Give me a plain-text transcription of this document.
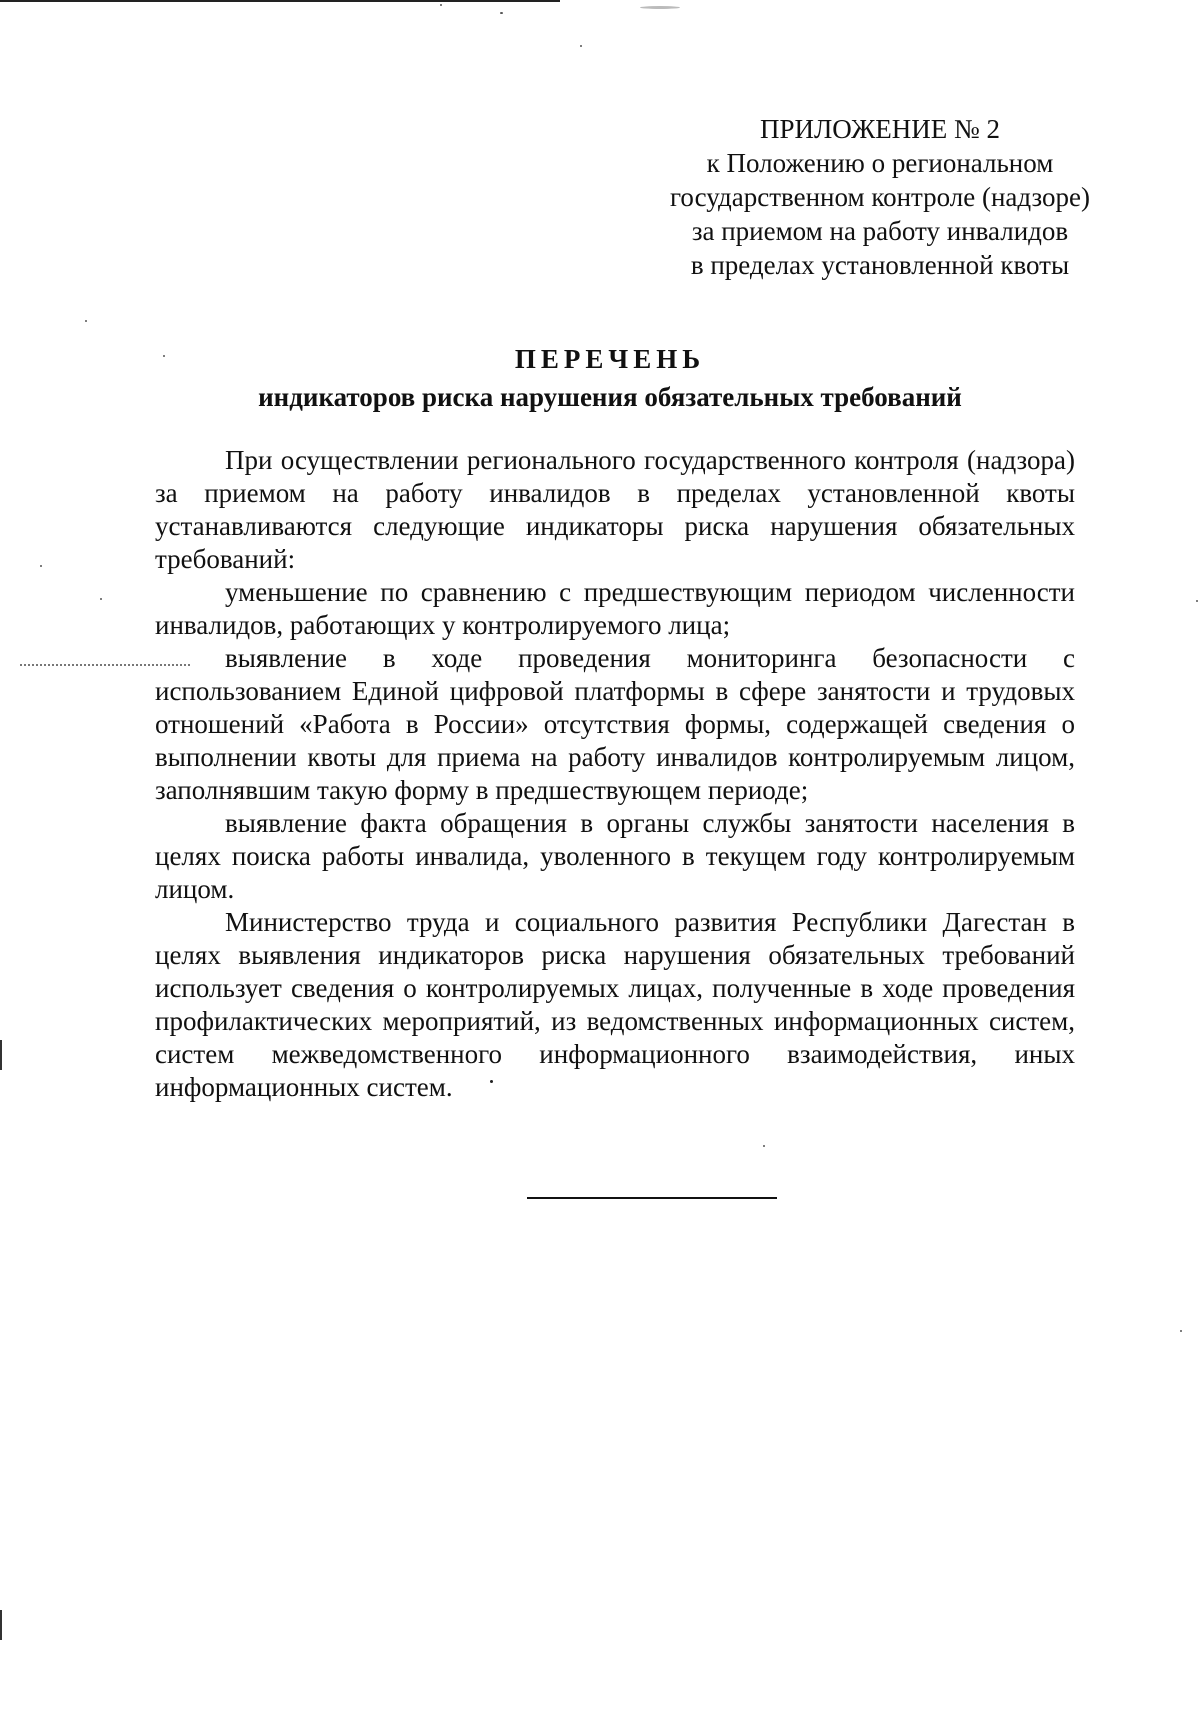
ПРИЛОЖЕНИЕ № 2
к Положению о региональном
государственном контроле (надзоре)
за приемом на работу инвалидов
в пределах установленной квоты
ПЕРЕЧЕНЬ
индикаторов риска нарушения обязательных требований

При осуществлении регионального государственного контроля (надзора) за приемом на работу инвалидов в пределах установленной квоты устанавливаются следующие индикаторы риска нарушения обязательных требований:

уменьшение по сравнению с предшествующим периодом численности инвалидов, работающих у контролируемого лица;

выявление в ходе проведения мониторинга безопасности с использованием Единой цифровой платформы в сфере занятости и трудовых отношений «Работа в России» отсутствия формы, содержащей сведения о выполнении квоты для приема на работу инвалидов контролируемым лицом, заполнявшим такую форму в предшествующем периоде;

выявление факта обращения в органы службы занятости населения в целях поиска работы инвалида, уволенного в текущем году контролируемым лицом.

Министерство труда и социального развития Республики Дагестан в целях выявления индикаторов риска нарушения обязательных требований использует сведения о контролируемых лицах, полученные в ходе проведения профилактических мероприятий, из ведомственных информационных систем, систем межведомственного информационного взаимодействия, иных информационных систем.
